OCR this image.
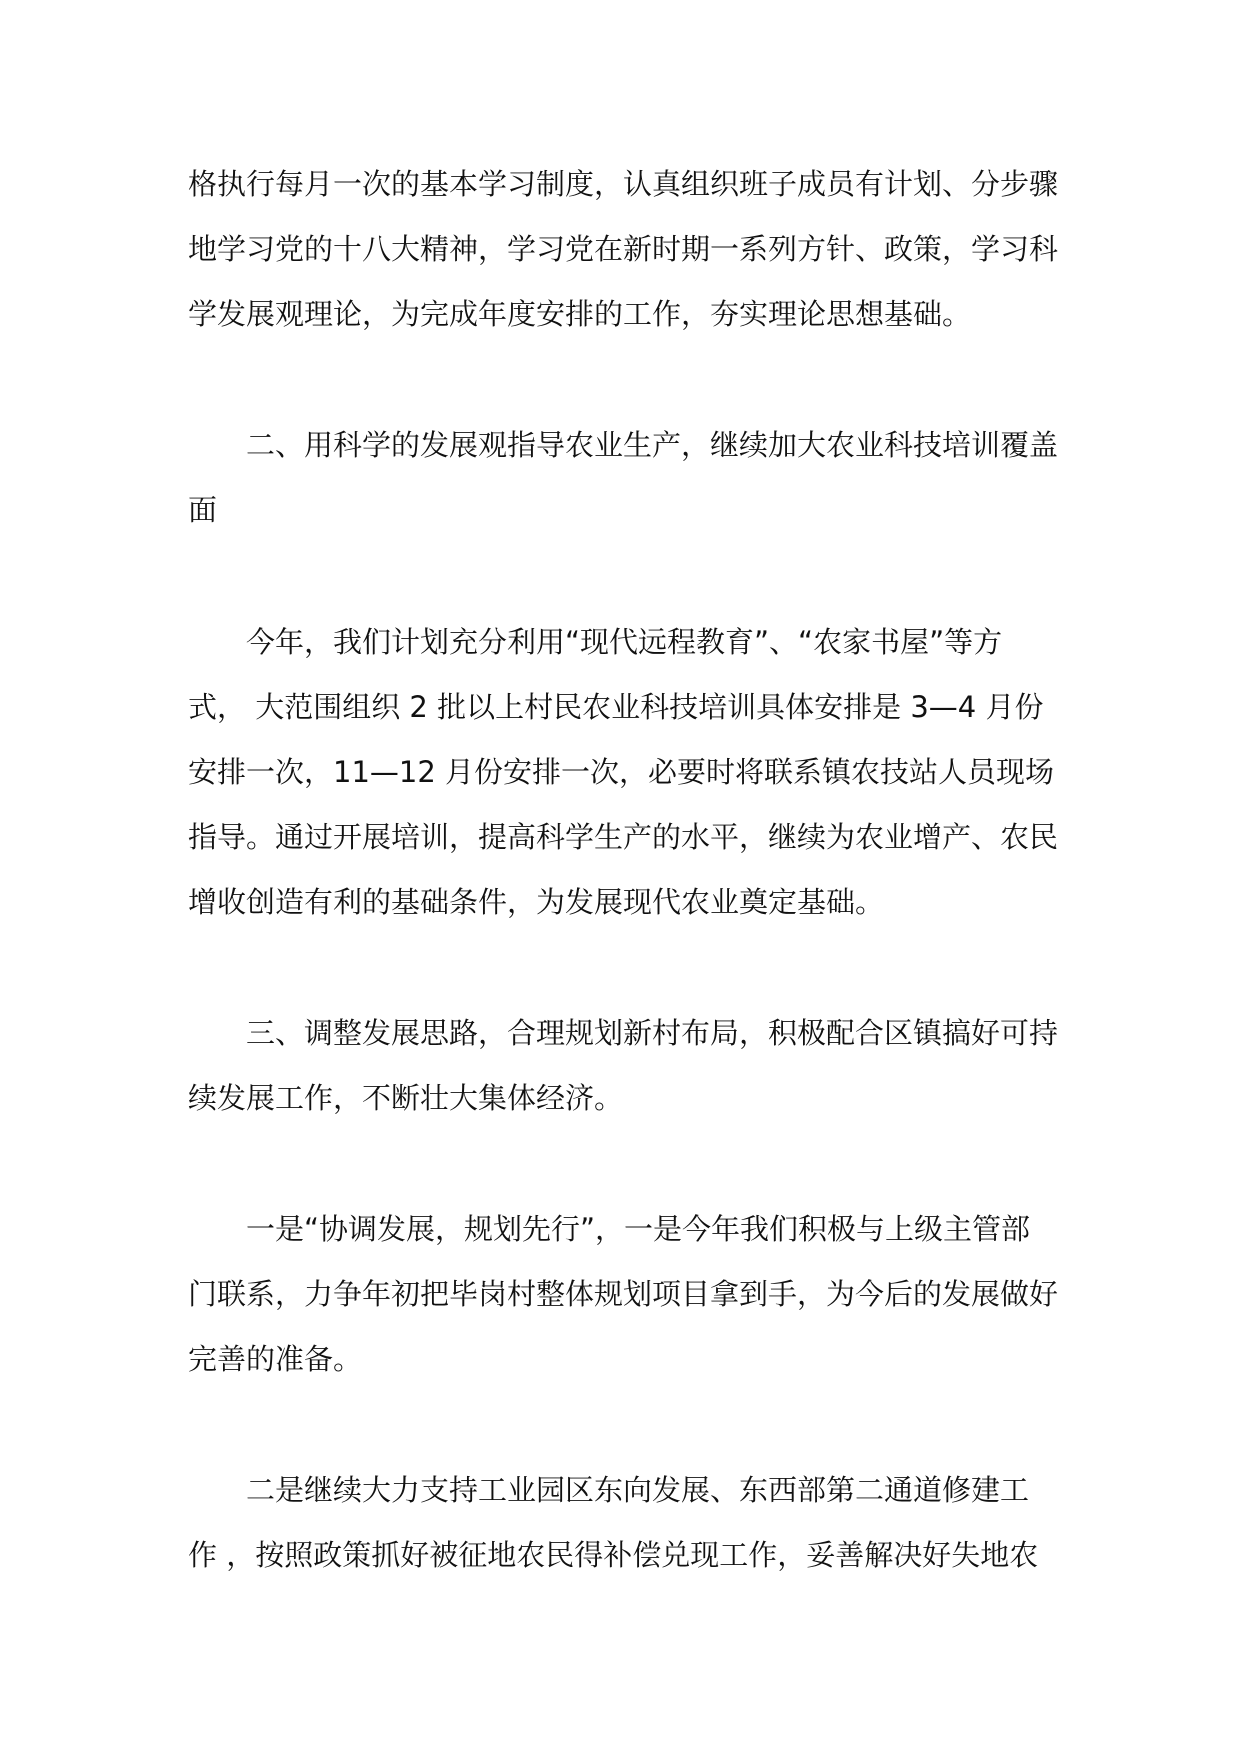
格执行每月一次的基本学习制度，认真组织班子成员有计划、分步骤
地学习党的十八大精神，学习党在新时期一系列方针、政策，学习科
学发展观理论，为完成年度安排的工作，夯实理论思想基础。
二、用科学的发展观指导农业生产，继续加大农业科技培训覆盖
面
今年，我们计划充分利用“现代远程教育”、“农家书屋”等方
式， 大范围组织 2 批以上村民农业科技培训具体安排是 3—4 月份
安排一次，11—12 月份安排一次，必要时将联系镇农技站人员现场
指导。通过开展培训，提高科学生产的水平，继续为农业增产、农民
增收创造有利的基础条件，为发展现代农业奠定基础。
三、调整发展思路，合理规划新村布局，积极配合区镇搞好可持
续发展工作，不断壮大集体经济。
一是“协调发展，规划先行”，一是今年我们积极与上级主管部
门联系，力争年初把毕岗村整体规划项目拿到手，为今后的发展做好
完善的准备。
二是继续大力支持工业园区东向发展、东西部第二通道修建工
作 ，按照政策抓好被征地农民得补偿兑现工作，妥善解决好失地农
